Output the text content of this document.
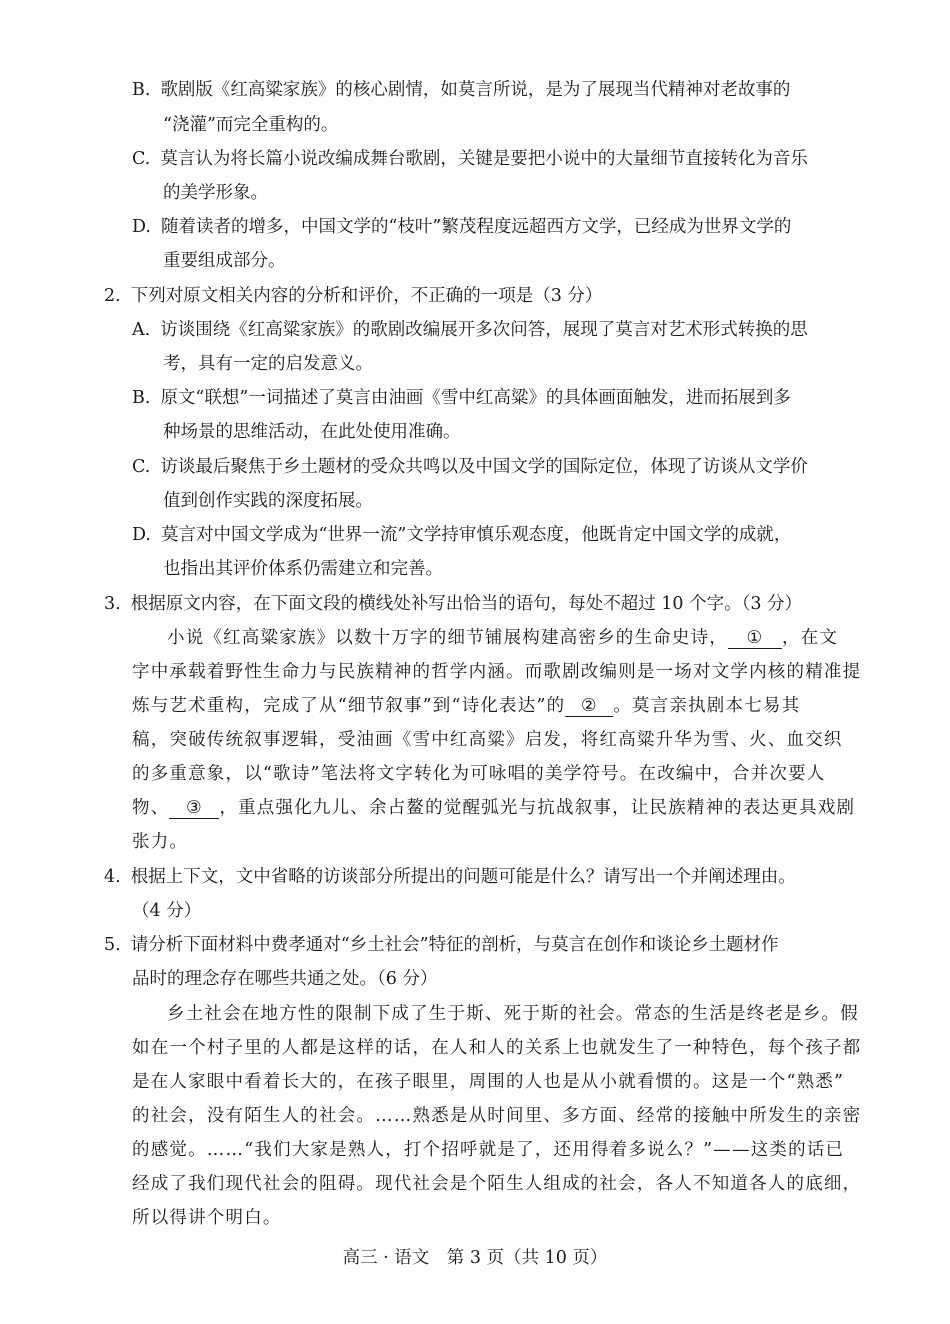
B. 歌剧版《红高粱家族》的核心剧情，如莫言所说，是为了展现当代精神对老故事的
“浇灌”而完全重构的。
C. 莫言认为将长篇小说改编成舞台歌剧，关键是要把小说中的大量细节直接转化为音乐
的美学形象。
D. 随着读者的增多，中国文学的“枝叶”繁茂程度远超西方文学，已经成为世界文学的
重要组成部分。
2. 下列对原文相关内容的分析和评价，不正确的一项是（3 分）
A. 访谈围绕《红高粱家族》的歌剧改编展开多次问答，展现了莫言对艺术形式转换的思
考，具有一定的启发意义。
B. 原文“联想”一词描述了莫言由油画《雪中红高粱》的具体画面触发，进而拓展到多
种场景的思维活动，在此处使用准确。
C. 访谈最后聚焦于乡土题材的受众共鸣以及中国文学的国际定位，体现了访谈从文学价
值到创作实践的深度拓展。
D. 莫言对中国文学成为“世界一流”文学持审慎乐观态度，他既肯定中国文学的成就，
也指出其评价体系仍需建立和完善。
3. 根据原文内容，在下面文段的横线处补写出恰当的语句，每处不超过 10 个字。（3 分）
小说《红高粱家族》以数十万字的细节铺展构建高密乡的生命史诗， ① ，在文
字中承载着野性生命力与民族精神的哲学内涵。而歌剧改编则是一场对文学内核的精准提
炼与艺术重构，完成了从“细节叙事”到“诗化表达”的 ② 。莫言亲执剧本七易其
稿，突破传统叙事逻辑，受油画《雪中红高粱》启发，将红高粱升华为雪、火、血交织
的多重意象，以“歌诗”笔法将文字转化为可咏唱的美学符号。在改编中，合并次要人
物、 ③ ，重点强化九儿、余占鳌的觉醒弧光与抗战叙事，让民族精神的表达更具戏剧
张力。
4. 根据上下文，文中省略的访谈部分所提出的问题可能是什么？请写出一个并阐述理由。
（4 分）
5. 请分析下面材料中费孝通对“乡土社会”特征的剖析，与莫言在创作和谈论乡土题材作
品时的理念存在哪些共通之处。（6 分）
乡土社会在地方性的限制下成了生于斯、死于斯的社会。常态的生活是终老是乡。假
如在一个村子里的人都是这样的话，在人和人的关系上也就发生了一种特色，每个孩子都
是在人家眼中看着长大的，在孩子眼里，周围的人也是从小就看惯的。这是一个“熟悉”
的社会，没有陌生人的社会。……熟悉是从时间里、多方面、经常的接触中所发生的亲密
的感觉。……“我们大家是熟人，打个招呼就是了，还用得着多说么？”——这类的话已
经成了我们现代社会的阻碍。现代社会是个陌生人组成的社会，各人不知道各人的底细，
所以得讲个明白。
高三 · 语文　第 3 页（共 10 页）
